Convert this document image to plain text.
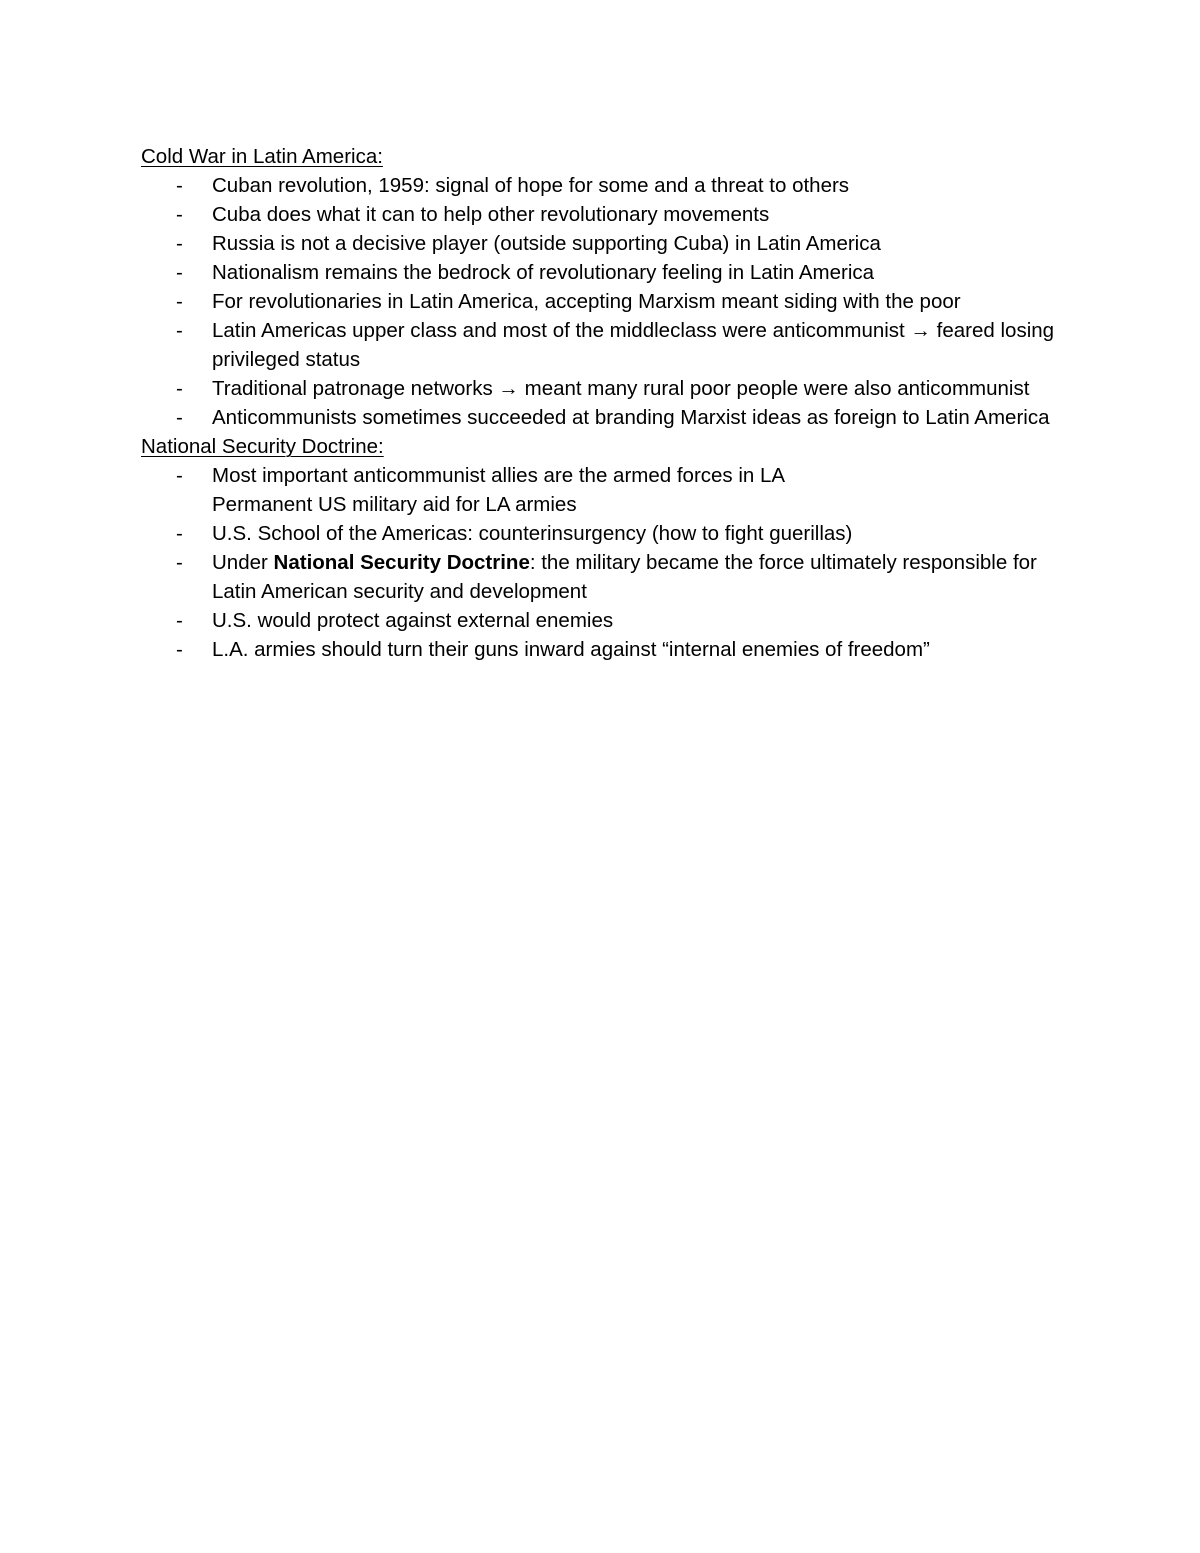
Cold War in Latin America:

- Cuban revolution, 1959: signal of hope for some and a threat to others
- Cuba does what it can to help other revolutionary movements
- Russia is not a decisive player (outside supporting Cuba) in Latin America
- Nationalism remains the bedrock of revolutionary feeling in Latin America
- For revolutionaries in Latin America, accepting Marxism meant siding with the poor
- Latin Americas upper class and most of the middleclass were anticommunist → feared losing privileged status
- Traditional patronage networks → meant many rural poor people were also anticommunist
- Anticommunists sometimes succeeded at branding Marxist ideas as foreign to Latin America

National Security Doctrine:

- Most important anticommunist allies are the armed forces in LA
Permanent US military aid for LA armies
- U.S. School of the Americas: counterinsurgency (how to fight guerillas)
- Under National Security Doctrine: the military became the force ultimately responsible for Latin American security and development
- U.S. would protect against external enemies
- L.A. armies should turn their guns inward against “internal enemies of freedom”
